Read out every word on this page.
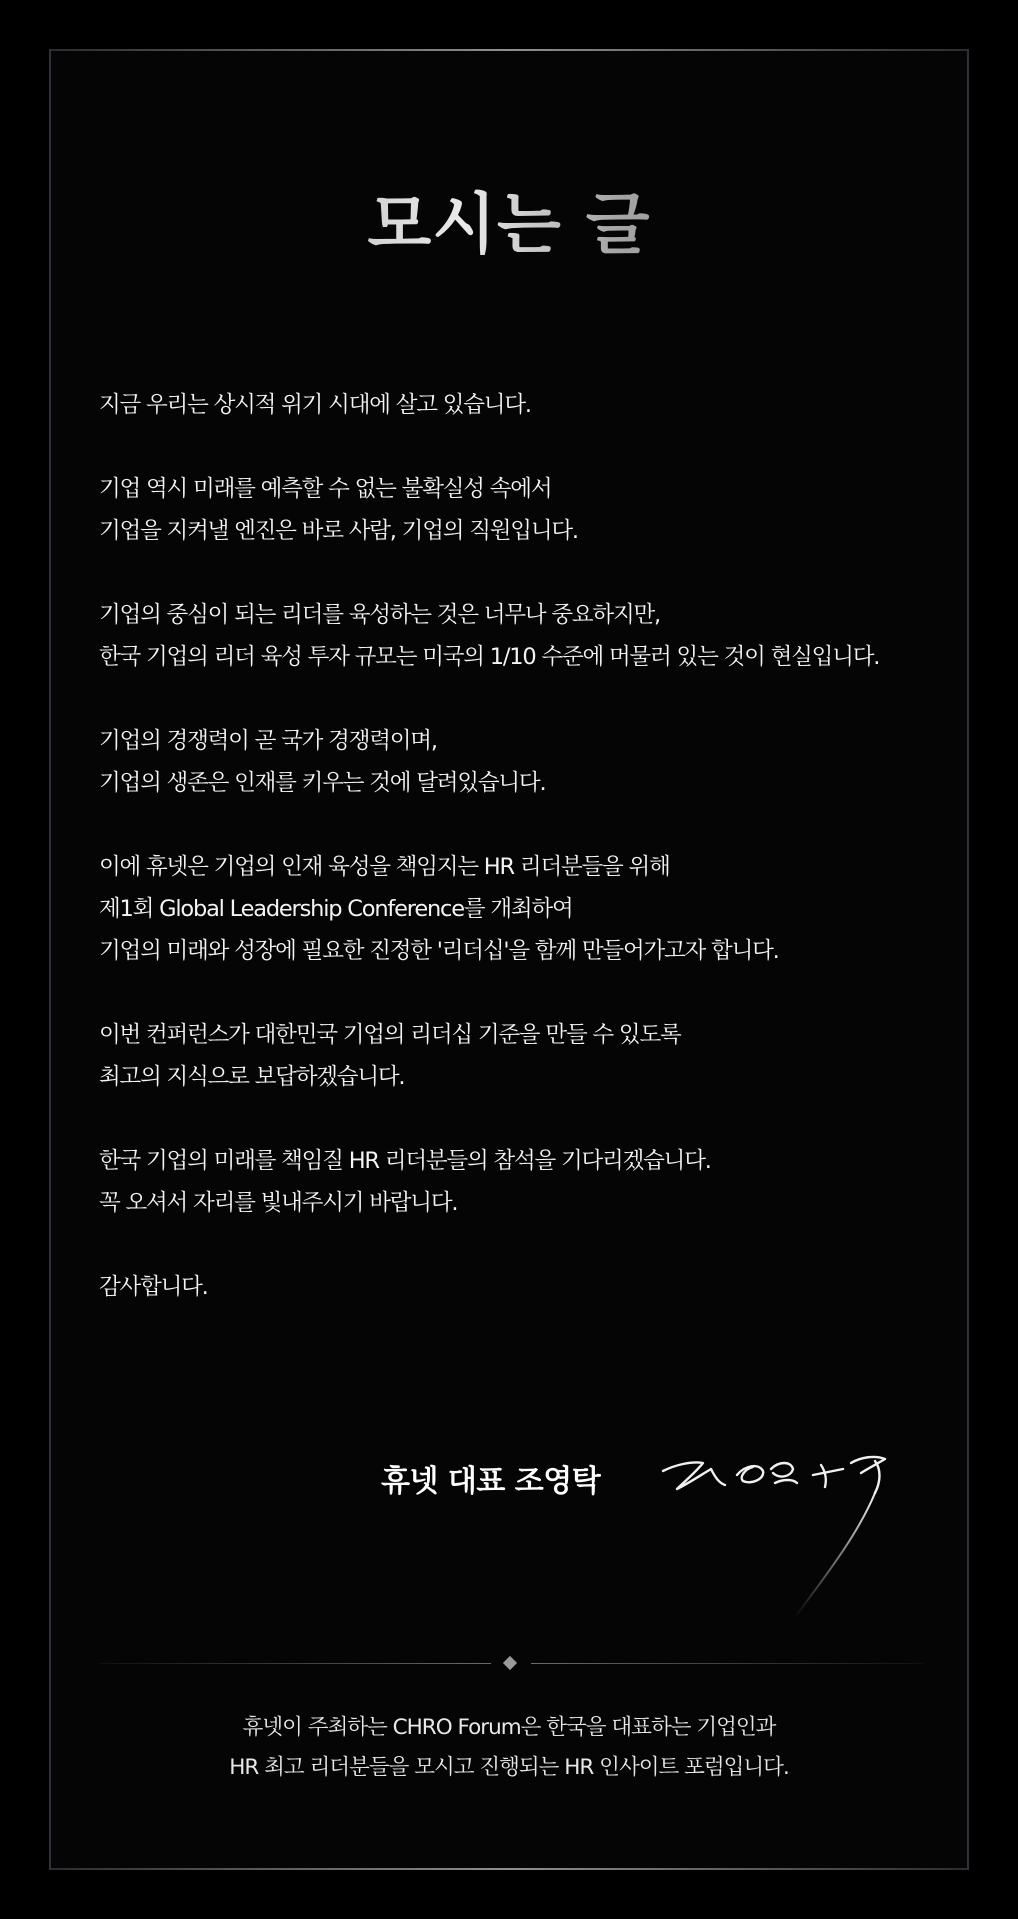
모시는 글

지금 우리는 상시적 위기 시대에 살고 있습니다.

기업 역시 미래를 예측할 수 없는 불확실성 속에서
기업을 지켜낼 엔진은 바로 사람, 기업의 직원입니다.

기업의 중심이 되는 리더를 육성하는 것은 너무나 중요하지만,
한국 기업의 리더 육성 투자 규모는 미국의 1/10 수준에 머물러 있는 것이 현실입니다.

기업의 경쟁력이 곧 국가 경쟁력이며,
기업의 생존은 인재를 키우는 것에 달려있습니다.

이에 휴넷은 기업의 인재 육성을 책임지는 HR 리더분들을 위해
제1회 Global Leadership Conference를 개최하여
기업의 미래와 성장에 필요한 진정한 '리더십'을 함께 만들어가고자 합니다.

이번 컨퍼런스가 대한민국 기업의 리더십 기준을 만들 수 있도록
최고의 지식으로 보답하겠습니다.

한국 기업의 미래를 책임질 HR 리더분들의 참석을 기다리겠습니다.
꼭 오셔서 자리를 빛내주시기 바랍니다.

감사합니다.

휴넷 대표 조영탁
휴넷이 주최하는 CHRO Forum은 한국을 대표하는 기업인과
HR 최고 리더분들을 모시고 진행되는 HR 인사이트 포럼입니다.
